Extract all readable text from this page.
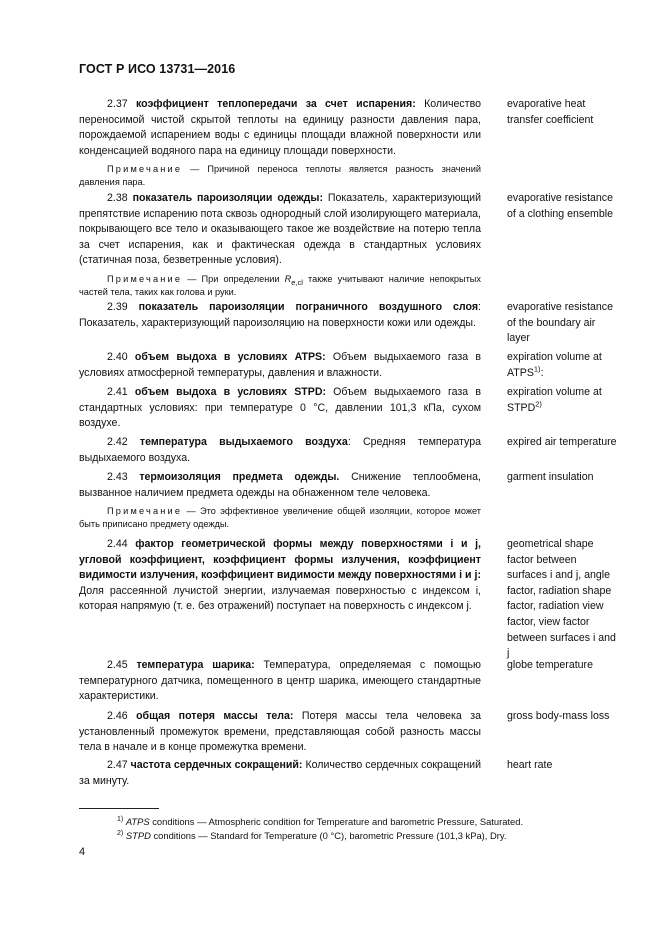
ГОСТ Р ИСО 13731—2016
2.37 коэффициент теплопередачи за счет испарения: Количество переносимой чистой скрытой теплоты на единицу разности давления пара, порождаемой испарением воды с единицы площади влажной поверхности или конденсацией водяного пара на единицу площади поверхности.
Примечание — Причиной переноса теплоты является разность значений давления пара.
evaporative heat transfer coefficient
2.38 показатель пароизоляции одежды: Показатель, характеризующий препятствие испарению пота сквозь однородный слой изолирующего материала, покрывающего все тело и оказывающего такое же воздействие на потерю тепла за счет испарения, как и фактическая одежда в стандартных условиях (статичная поза, безветренные условия).
Примечание — При определении $R_{e,cl}$ также учитывают наличие непокрытых частей тела, таких как голова и руки.
evaporative resistance of a clothing ensemble
2.39 показатель пароизоляции пограничного воздушного слоя: Показатель, характеризующий пароизоляцию на поверхности кожи или одежды.
evaporative resistance of the boundary air layer
2.40 объем выдоха в условиях ATPS: Объем выдыхаемого газа в условиях атмосферной температуры, давления и влажности.
expiration volume at ATPS$^{1)}$:
2.41 объем выдоха в условиях STPD: Объем выдыхаемого газа в стандартных условиях: при температуре 0 °С, давлении 101,3 кПа, сухом воздухе.
expiration volume at STPD$^{2)}$
2.42 температура выдыхаемого воздуха: Средняя температура выдыхаемого воздуха.
expired air temperature
2.43 термоизоляция предмета одежды. Снижение теплообмена, вызванное наличием предмета одежды на обнаженном теле человека.
Примечание — Это эффективное увеличение общей изоляции, которое может быть приписано предмету одежды.
garment insulation
2.44 фактор геометрической формы между поверхностями i и j, угловой коэффициент, коэффициент формы излучения, коэффициент видимости излучения, коэффициент видимости между поверхностями i и j: Доля рассеянной лучистой энергии, излучаемая поверхностью с индексом i, которая напрямую (т. е. без отражений) поступает на поверхность с индексом j.
geometrical shape factor between surfaces i and j, angle factor, radiation shape factor, radiation view factor, view factor between surfaces i and j
2.45 температура шарика: Температура, определяемая с помощью температурного датчика, помещенного в центр шарика, имеющего стандартные характеристики.
globe temperature
2.46 общая потеря массы тела: Потеря массы тела человека за установленный промежуток времени, представляющая собой разность массы тела в начале и в конце промежутка времени.
gross body-mass loss
2.47 частота сердечных сокращений: Количество сердечных сокращений за минуту.
heart rate
$^{1)}$ ATPS conditions — Atmospheric condition for Temperature and barometric Pressure, Saturated.
$^{2)}$ STPD conditions — Standard for Temperature (0 °C), barometric Pressure (101,3 kPa), Dry.
4
